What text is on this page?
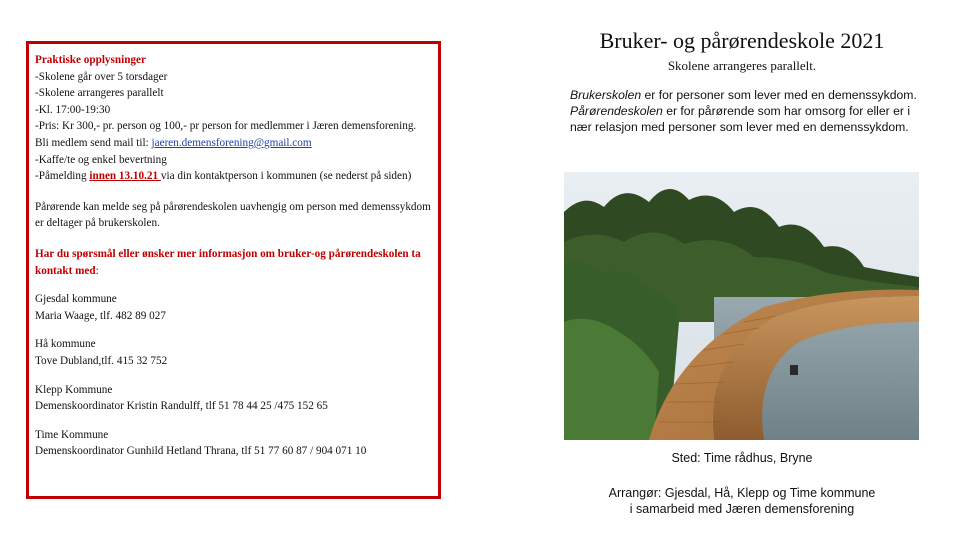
Praktiske opplysninger

-Skolene går over 5 torsdager

-Skolene arrangeres parallelt

-Kl. 17:00-19:30

-Pris: Kr 300,- pr. person og 100,- pr person for medlemmer i Jæren demensforening.

Bli medlem send mail til: jaeren.demensforening@gmail.com

-Kaffe/te og enkel bevertning

-Påmelding innen 13.10.21 via din kontaktperson i kommunen (se nederst på siden)

Pårørende kan melde seg på pårørendeskolen uavhengig om person med demenssykdom er deltager på brukerskolen.

Har du spørsmål eller ønsker mer informasjon om bruker-og pårørendeskolen ta kontakt med:

Gjesdal kommune

Maria Waage, tlf. 482 89 027

Hå kommune

Tove Dubland,tlf. 415 32 752

Klepp Kommune

Demenskoordinator Kristin Randulff, tlf 51 78 44 25 /475 152 65

Time Kommune

Demenskoordinator Gunhild Hetland Thrana, tlf 51 77 60 87 / 904 071 10

Bruker- og pårørendeskole 2021
Skolene arrangeres parallelt.
Brukerskolen er for personer som lever med en demenssykdom. Pårørendeskolen er for pårørende som har omsorg for eller er i nær relasjon med personer som lever med en demenssykdom.
Sted: Time rådhus, Bryne
Arrangør: Gjesdal, Hå, Klepp og Time kommune
i samarbeid med Jæren demensforening
